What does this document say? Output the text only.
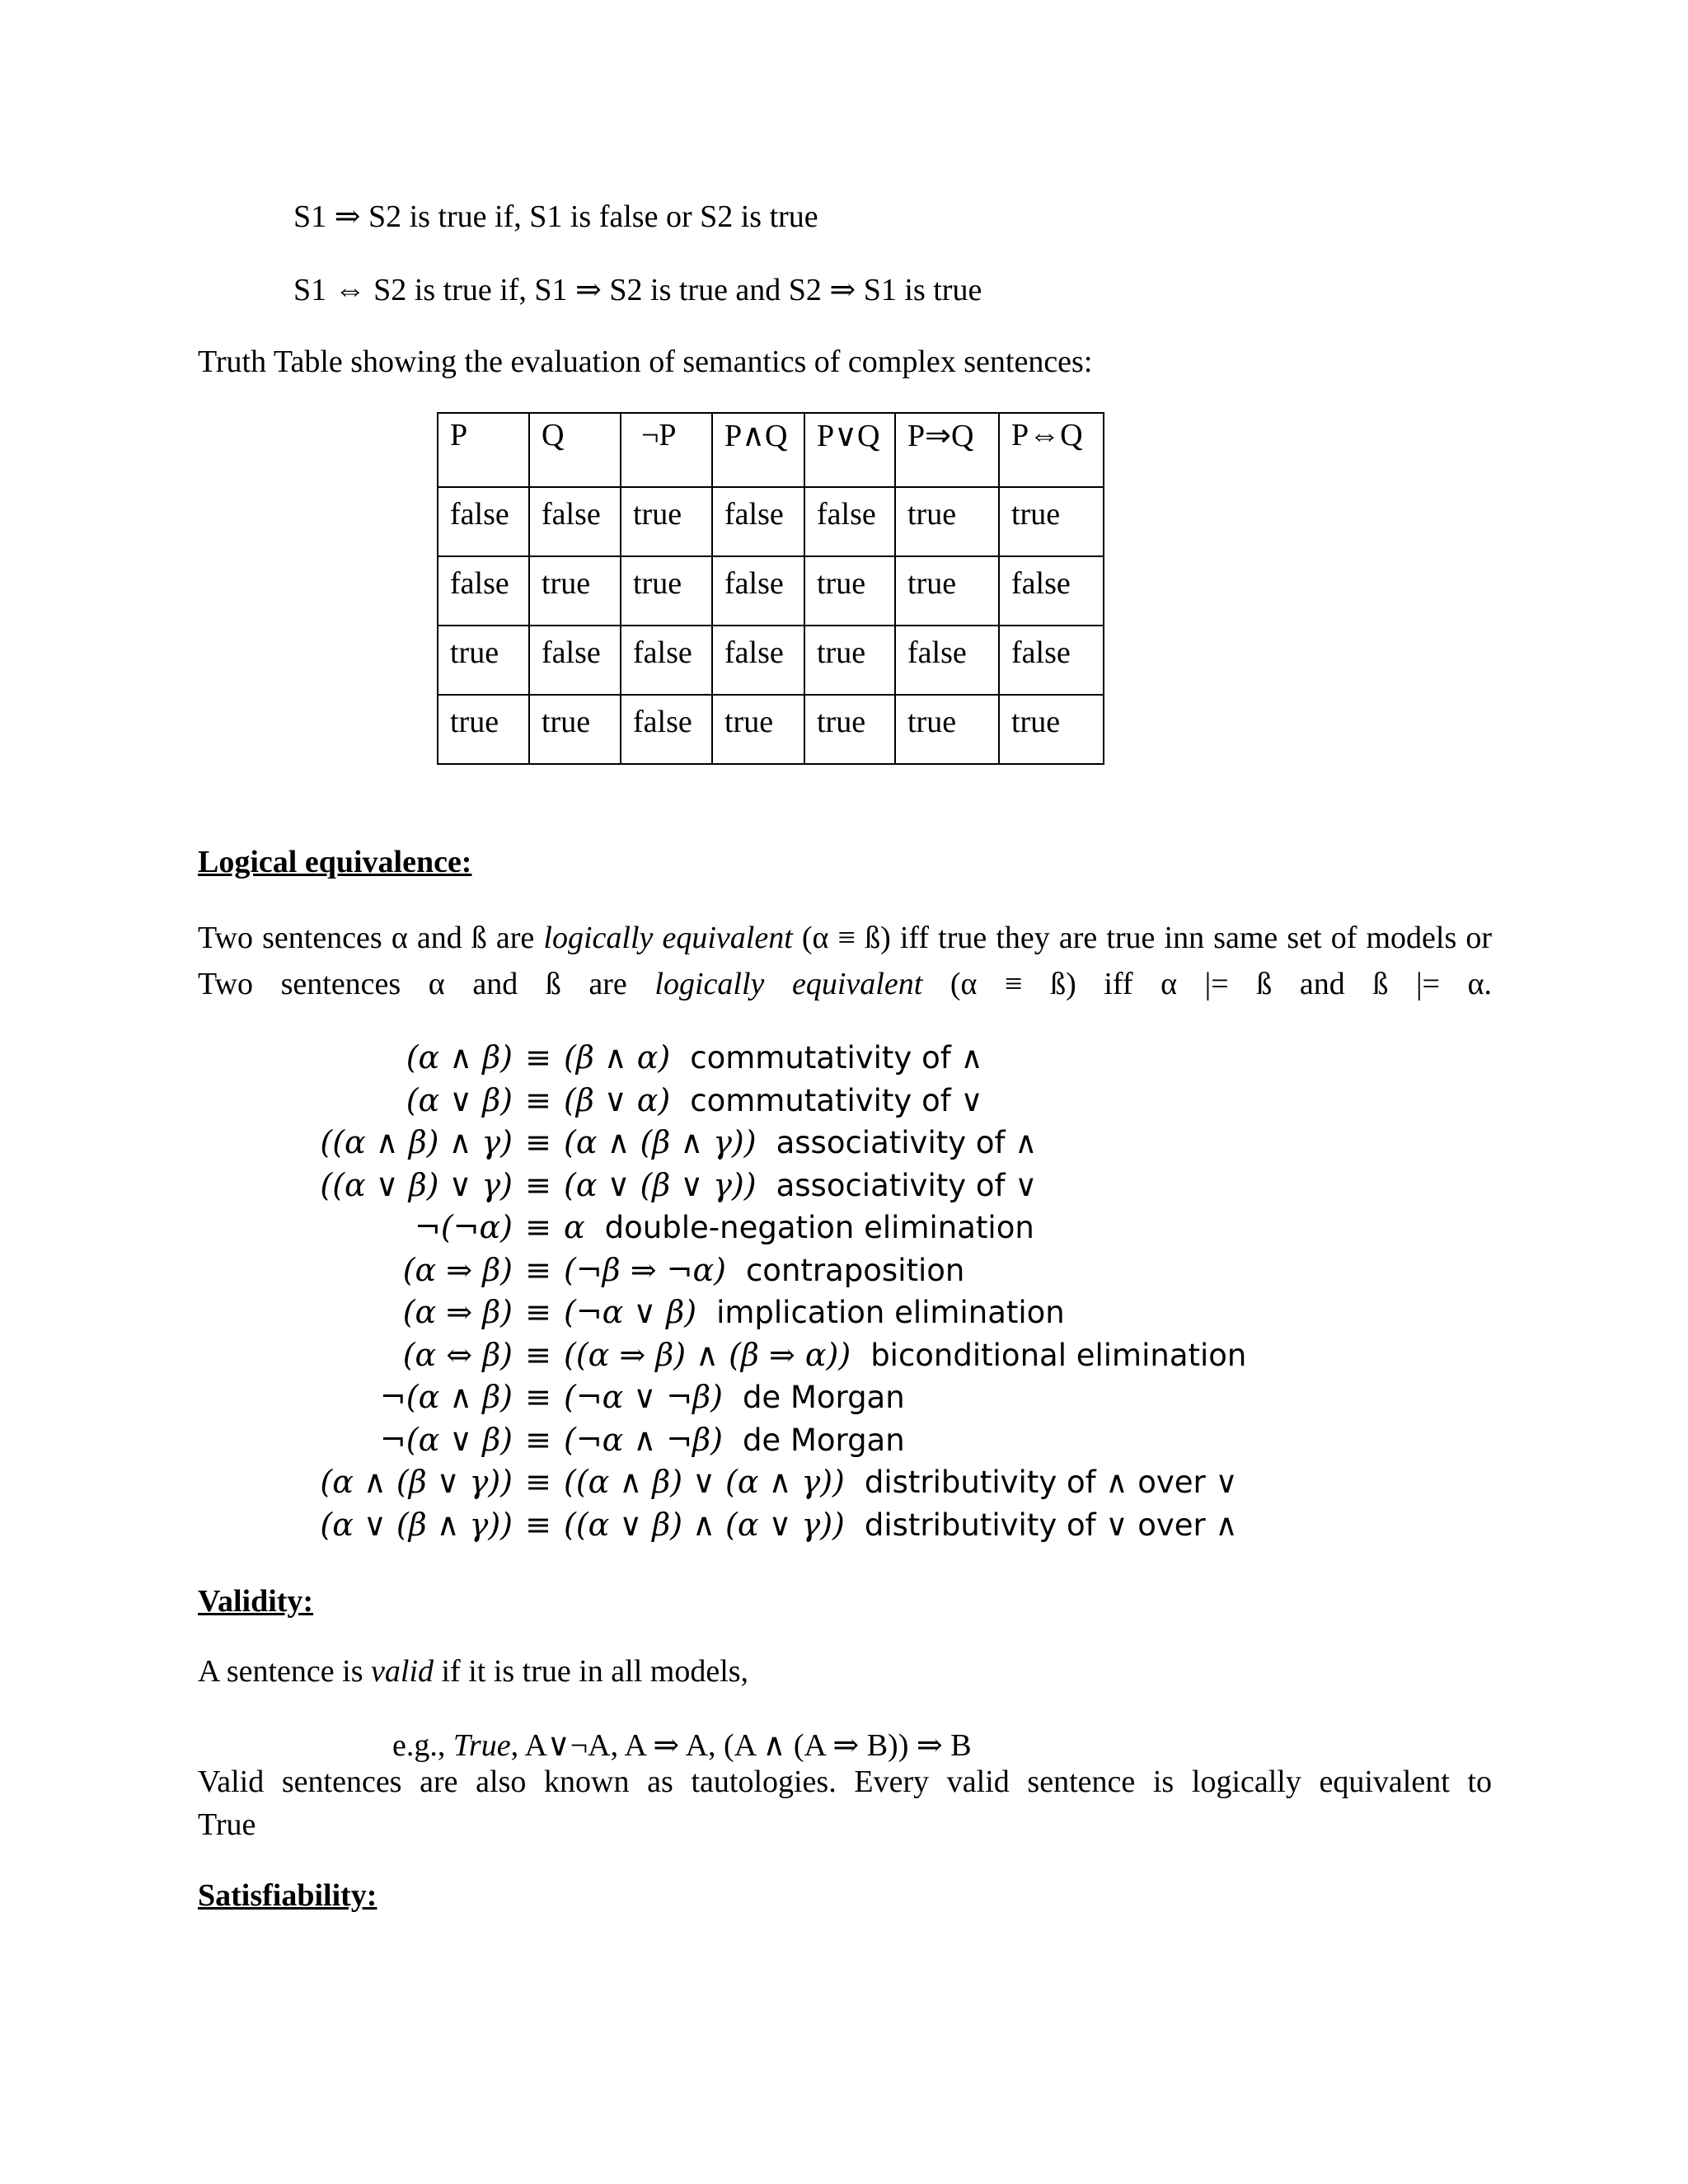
S1 ⇒ S2 is true if, S1 is false or S2 is true
S1 ⇔ S2 is true if, S1 ⇒ S2 is true and S2 ⇒ S1 is true
Truth Table showing the evaluation of semantics of complex sentences:
P	Q	¬P	P∧Q	P∨Q	P⇒Q	P⇔Q
false	false	true	false	false	true	true
false	true	true	false	true	true	false
true	false	false	false	true	false	false
true	true	false	true	true	true	true
Logical equivalence:
Two sentences α and ß are logically equivalent (α ≡ ß) iff true they are true inn same set of models or Two sentences α and ß are logically equivalent (α ≡ ß) iff α |= ß and ß |= α.
(α ∧ β) ≡ (β ∧ α) commutativity of ∧
(α ∨ β) ≡ (β ∨ α) commutativity of ∨
((α ∧ β) ∧ γ) ≡ (α ∧ (β ∧ γ)) associativity of ∧
((α ∨ β) ∨ γ) ≡ (α ∨ (β ∨ γ)) associativity of ∨
¬(¬α) ≡ α double-negation elimination
(α ⇒ β) ≡ (¬β ⇒ ¬α) contraposition
(α ⇒ β) ≡ (¬α ∨ β) implication elimination
(α ⇔ β) ≡ ((α ⇒ β) ∧ (β ⇒ α)) biconditional elimination
¬(α ∧ β) ≡ (¬α ∨ ¬β) de Morgan
¬(α ∨ β) ≡ (¬α ∧ ¬β) de Morgan
(α ∧ (β ∨ γ)) ≡ ((α ∧ β) ∨ (α ∧ γ)) distributivity of ∧ over ∨
(α ∨ (β ∧ γ)) ≡ ((α ∨ β) ∧ (α ∨ γ)) distributivity of ∨ over ∧
Validity:
A sentence is valid if it is true in all models,
e.g., True, A∨¬A, A ⇒ A, (A ∧ (A ⇒ B)) ⇒ B
Valid sentences are also known as tautologies. Every valid sentence is logically equivalent to
True
Satisfiability:
